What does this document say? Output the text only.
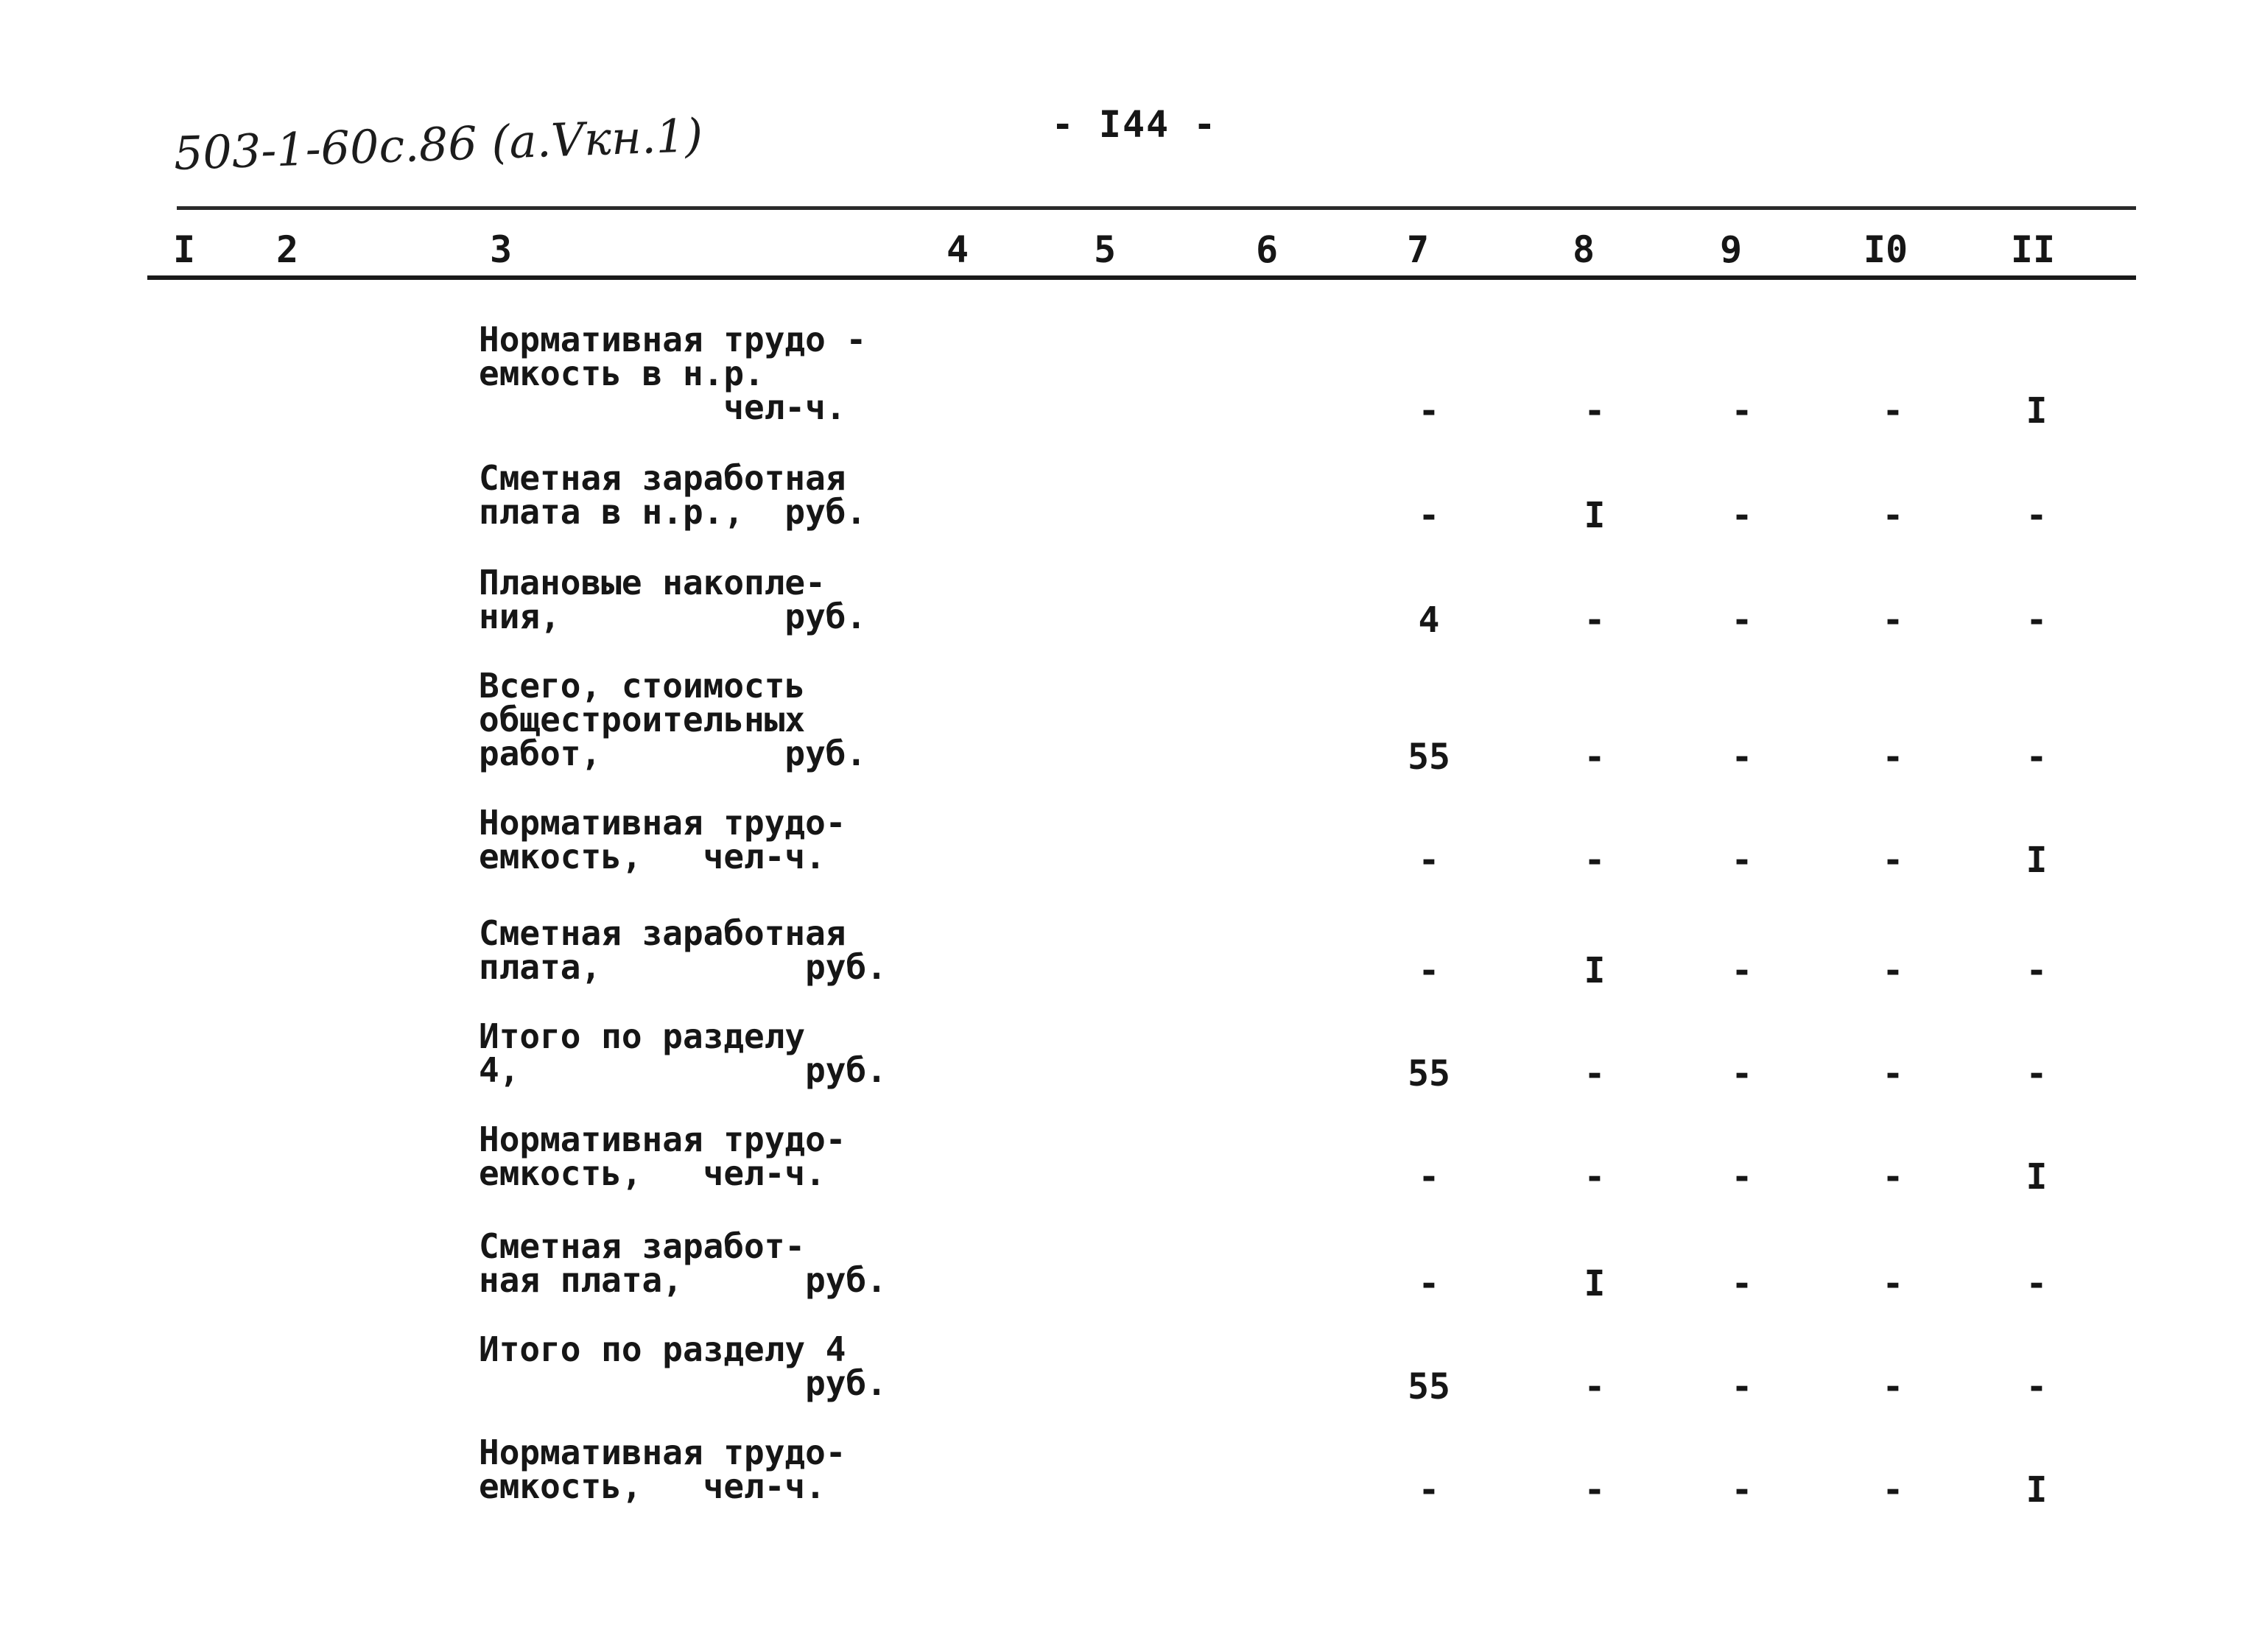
- I44 -
503-1-60с.86 (а.Vкн.1)
I	2	3	4	5	6	7	8	9	I0	II
Нормативная трудо -
емкость в н.р.
чел-ч.	-	-	-	-	I
Сметная заработная
плата в н.р.,  руб.	-	I	-	-	-
Плановые накопле-
ния,           руб.	4	-	-	-	-
Всего, стоимость
общестроительных
работ,         руб.	55	-	-	-	-
Нормативная трудо-
емкость,   чел-ч.	-	-	-	-	I
Сметная заработная
плата,          руб.	-	I	-	-	-
Итого по разделу
4,              руб.	55	-	-	-	-
Нормативная трудо-
емкость,   чел-ч.	-	-	-	-	I
Сметная заработ-
ная плата,      руб.	-	I	-	-	-
Итого по разделу 4
руб.	55	-	-	-	-
Нормативная трудо-
емкость,   чел-ч.	-	-	-	-	I
